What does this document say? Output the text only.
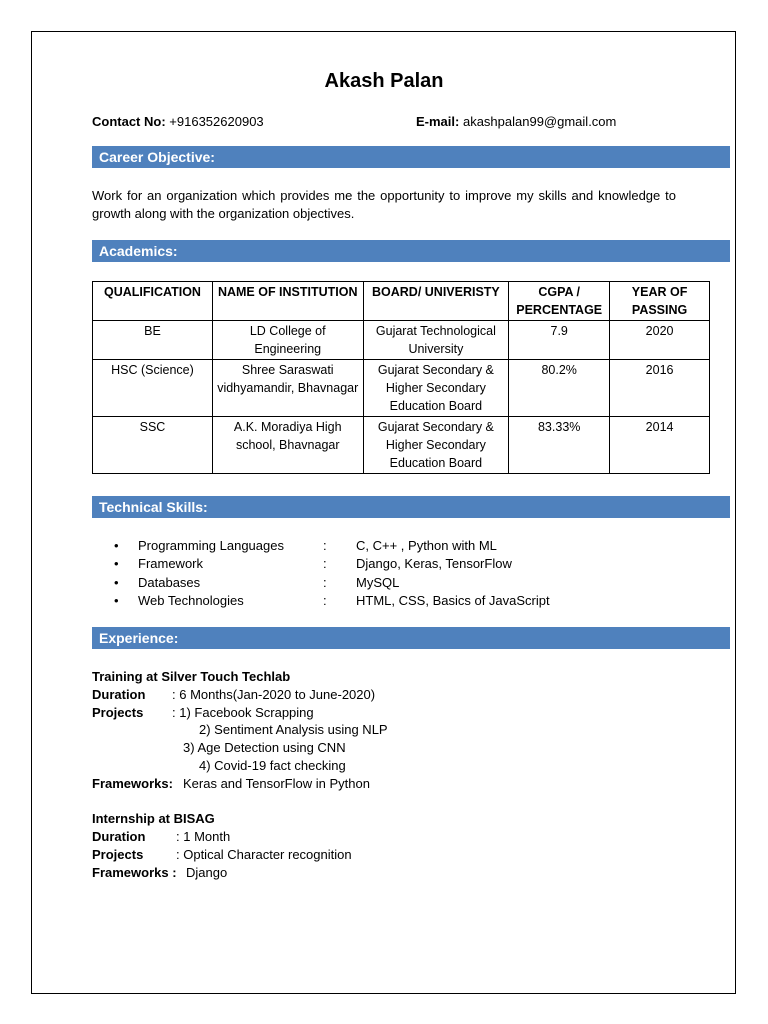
Akash Palan
Contact No: +916352620903	E-mail: akashpalan99@gmail.com
Career Objective:
Work for an organization which provides me the opportunity to improve my skills and knowledge to growth along with the organization objectives.
Academics:
QUALIFICATION	NAME OF INSTITUTION	BOARD/ UNIVERISTY	CGPA / PERCENTAGE	YEAR OF PASSING
BE	LD College of Engineering	Gujarat Technological University	7.9	2020
HSC (Science)	Shree Saraswati vidhyamandir, Bhavnagar	Gujarat Secondary & Higher Secondary Education Board	80.2%	2016
SSC	A.K. Moradiya High school, Bhavnagar	Gujarat Secondary & Higher Secondary Education Board	83.33%	2014
Technical Skills:
• Programming Languages	: C, C++ , Python with ML
• Framework	: Django, Keras, TensorFlow
• Databases	: MySQL
• Web Technologies	: HTML, CSS, Basics of JavaScript
Experience:
Training at Silver Touch Techlab
Duration : 6 Months(Jan-2020 to June-2020)
Projects : 1) Facebook Scrapping
2) Sentiment Analysis using NLP
3) Age Detection using CNN
4) Covid-19 fact checking
Frameworks: Keras and TensorFlow in Python
Internship at BISAG
Duration : 1 Month
Projects	: Optical Character recognition
Frameworks : Django
